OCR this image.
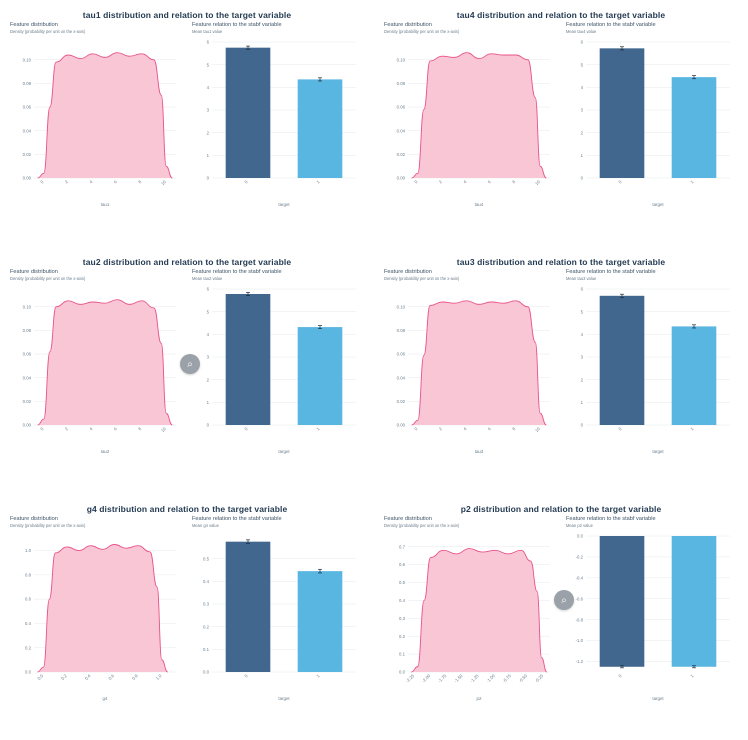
tau1 distribution and relation to the target variable
Feature distribution
Density (probability per unit on the x-axis)
0.00
0.02
0.04
0.06
0.08
0.10
0	2	4	6	8	10
tau1
Feature relation to the stabf variable
Mean tau1 value
0
1
2
3
4
5
6
0	1
target
tau4 distribution and relation to the target variable
Feature distribution
Density (probability per unit on the x-axis)
0.00
0.02
0.04
0.06
0.08
0.10
0	2	4	6	8	10
tau4
Feature relation to the stabf variable
Mean tau4 value
0
1
2
3
4
5
6
0	1
target
tau2 distribution and relation to the target variable
Feature distribution
Density (probability per unit on the x-axis)
0.00
0.02
0.04
0.06
0.08
0.10
0	2	4	6	8	10
tau2
Feature relation to the stabf variable
Mean tau2 value
0
1
2
3
4
5
6
0	1
target
⌕
tau3 distribution and relation to the target variable
Feature distribution
Density (probability per unit on the x-axis)
0.00
0.02
0.04
0.06
0.08
0.10
0	2	4	6	8	10
tau3
Feature relation to the stabf variable
Mean tau3 value
0
1
2
3
4
5
6
0	1
target
g4 distribution and relation to the target variable
Feature distribution
Density (probability per unit on the x-axis)
0.0
0.2
0.4
0.6
0.8
1.0
0.0	0.2	0.4	0.6	0.8	1.0
g4
Feature relation to the stabf variable
Mean g4 value
0.0
0.1
0.2
0.3
0.4
0.5
0	1
target
p2 distribution and relation to the target variable
Feature distribution
Density (probability per unit on the x-axis)
0.0
0.1
0.2
0.3
0.4
0.5
0.6
0.7
-2.25 -2.00 -1.75 -1.50 -1.25 -1.00 -0.75 -0.50 -0.25
p2
Feature relation to the stabf variable
Mean p2 value
0.0
-0.2
-0.4
-0.6
-0.8
-1.0
-1.2
0	1
target
⌕
